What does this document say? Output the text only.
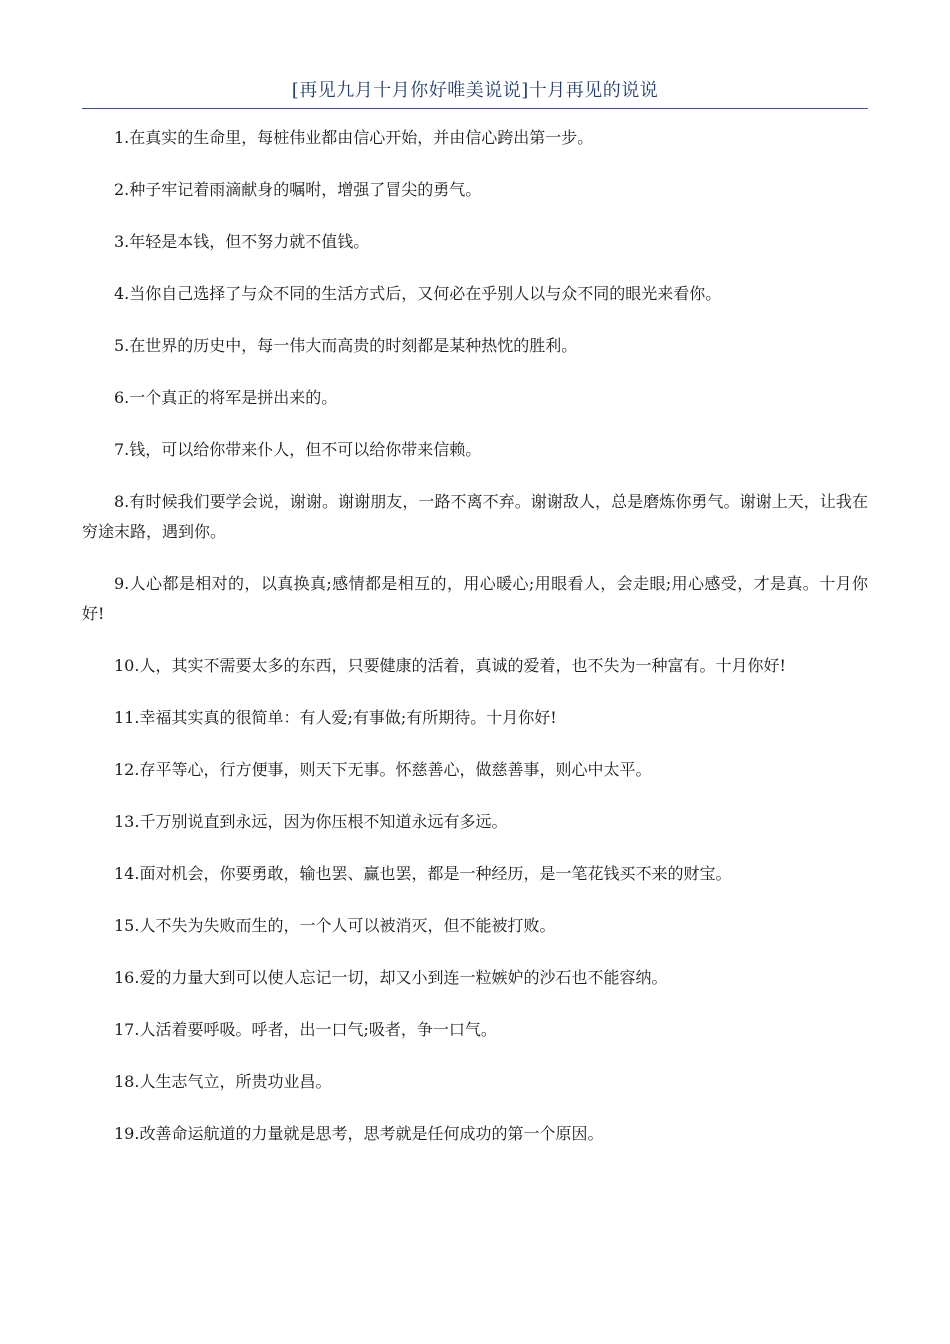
[再见九月十月你好唯美说说]十月再见的说说

1.在真实的生命里，每桩伟业都由信心开始，并由信心跨出第一步。

2.种子牢记着雨滴献身的嘱咐，增强了冒尖的勇气。

3.年轻是本钱，但不努力就不值钱。

4.当你自己选择了与众不同的生活方式后，又何必在乎别人以与众不同的眼光来看你。

5.在世界的历史中，每一伟大而高贵的时刻都是某种热忱的胜利。

6.一个真正的将军是拼出来的。

7.钱，可以给你带来仆人，但不可以给你带来信赖。

8.有时候我们要学会说，谢谢。谢谢朋友，一路不离不弃。谢谢敌人，总是磨炼你勇气。谢谢上天，让我在穷途末路，遇到你。

9.人心都是相对的，以真换真;感情都是相互的，用心暖心;用眼看人，会走眼;用心感受，才是真。十月你好!

10.人，其实不需要太多的东西，只要健康的活着，真诚的爱着，也不失为一种富有。十月你好!

11.幸福其实真的很简单：有人爱;有事做;有所期待。十月你好!

12.存平等心，行方便事，则天下无事。怀慈善心，做慈善事，则心中太平。

13.千万别说直到永远，因为你压根不知道永远有多远。

14.面对机会，你要勇敢，输也罢、赢也罢，都是一种经历，是一笔花钱买不来的财宝。

15.人不失为失败而生的，一个人可以被消灭，但不能被打败。

16.爱的力量大到可以使人忘记一切，却又小到连一粒嫉妒的沙石也不能容纳。

17.人活着要呼吸。呼者，出一口气;吸者，争一口气。

18.人生志气立，所贵功业昌。

19.改善命运航道的力量就是思考，思考就是任何成功的第一个原因。
